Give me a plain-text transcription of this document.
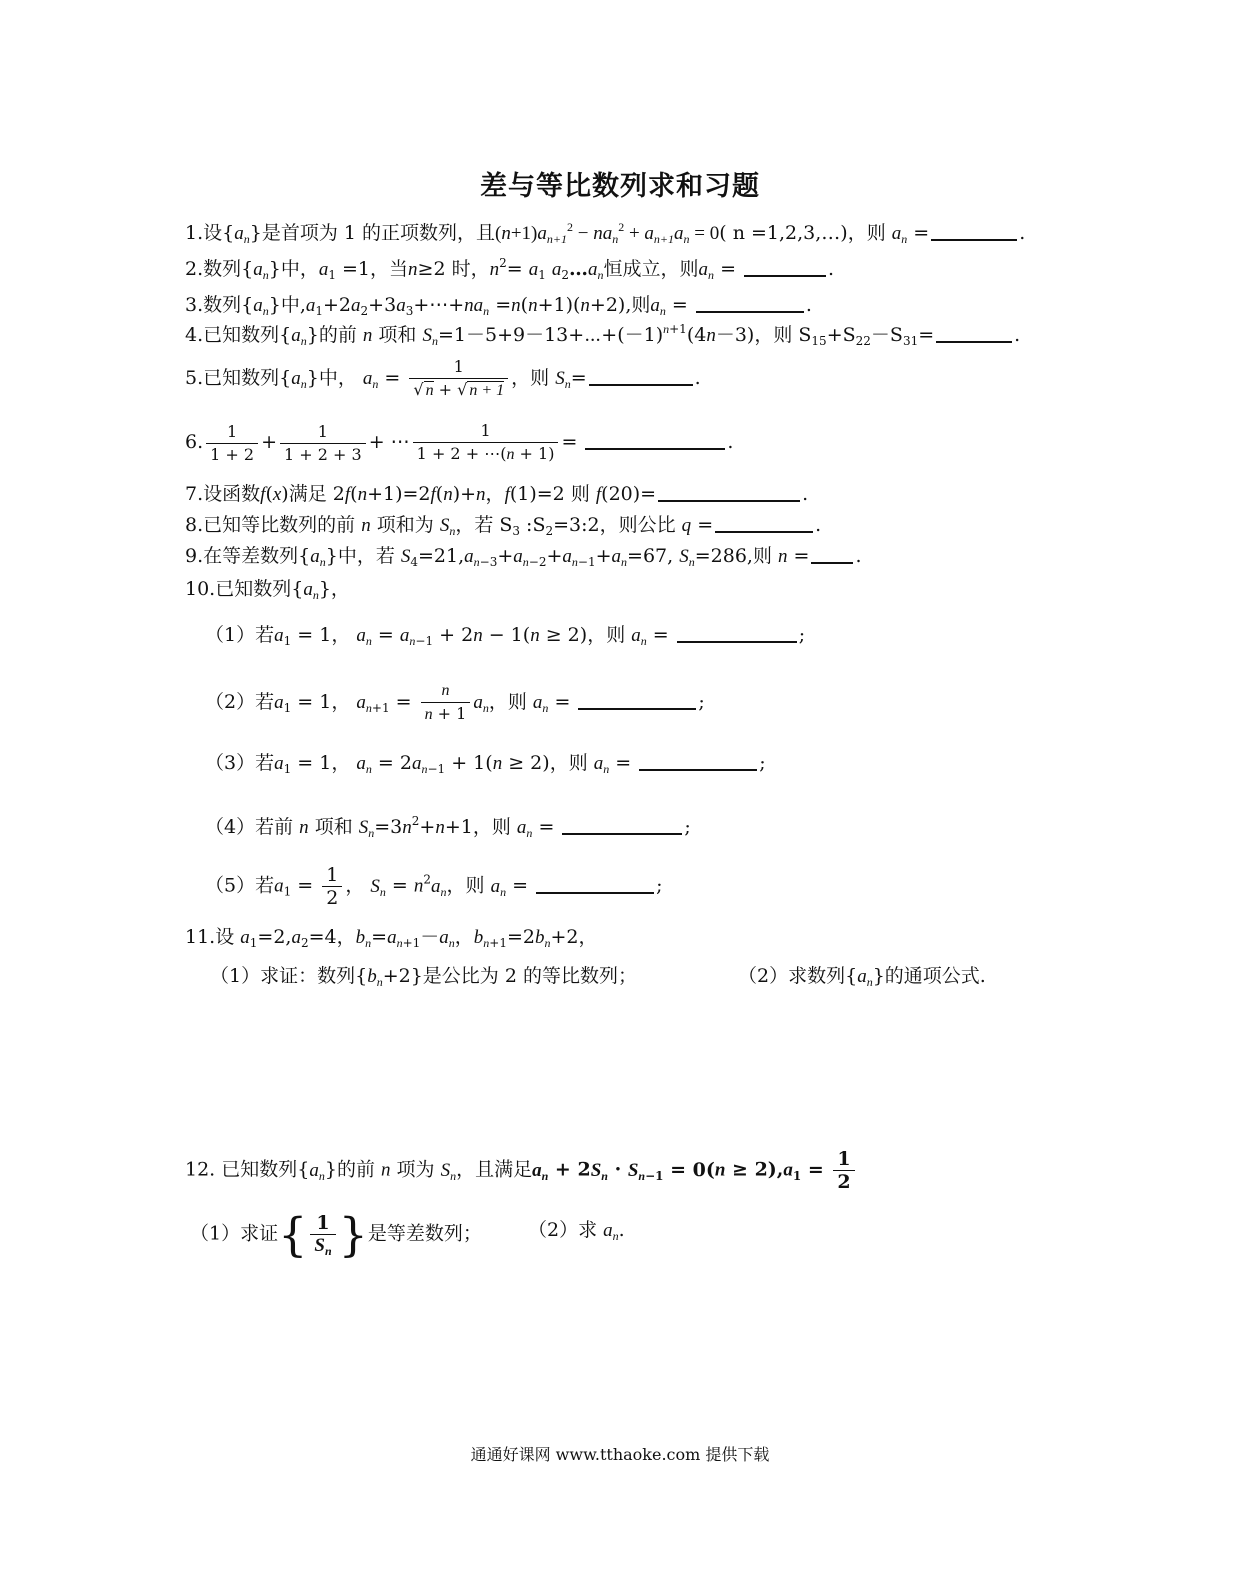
差与等比数列求和习题
1.设$\{a_n\}$是首项为 1 的正项数列，且$(n+1)a_{n+1}^2 - na_n^2 + a_{n+1}a_n = 0$( n =1,2,3,…)，则 $a_n$ =	.
2.数列$\{a_n\}$中，$a_1 =1$，当n≥2 时，$n^2= a_1$ $a_2\dots a_n$恒成立，则$a_n$ =	.
3.数列$\{a_n\}$中$,a_1+2a_2+3a_3+\cdots+na_n =n(n+1)(n+2)$,则$a_n$ =	.
4.已知数列$\{a_n\}$的前 n 项和 $S_n=1-5+9-13+\cdots+(-1)^{n+1}(4n-3)$，则 $S_{15}+S_{22}-S_{31}=$	.
5.已知数列$\{a_n\}$中， $a_n = \frac{1}{√ n + √ n + 1}$ ，则 $S_n=$	.
6. $\frac{1}{1 + 2} + \frac{1}{1 + 2 + 3}$ + ⋯ $\frac{1}{1 + 2 + \cdots(n + 1)}$ =	.
7.设函数f(x)满足 2f(n+1)=2f(n)+n，f(1)=2 则 f(20)=	.
8.已知等比数列的前 n 项和为 $S_n$，若 $S_3$ $:S_2=3:2$，则公比 q =	.
9.在等差数列$\{a_n\}$中，若 $S_4=21,a_{n-3}+a_{n-2}+a_{n-1}+a_n=67$, $S_n=286$,则 n = .
10.已知数列$\{a_n\}$，
（1）若$a_1 = 1$， $a_n = a_{n-1} + 2n - 1(n \ge 2)$，则 $a_n$ =	;
（2）若$a_1 = 1$， $a_{n+1} = \frac{n}{n + 1} a_n$，则 $a_n$ =	;
（3）若$a_1 = 1$， $a_n = 2a_{n-1} + 1(n \ge 2)$，则 $a_n$ =	;
（4）若前 n 项和 $S_n=3n^2+n+1$，则 $a_n$ =	;
（5）若$a_1 = \frac{1}{2}$ ， $S_n = n^2a_n$，则 $a_n$ =	;
11.设 $a_1=2,a_2=4$，$b_n=a_{n+1}-a_n$，$b_{n+1}=2b_n+2$，
（1）求证：数列$\{b_n+2\}$是公比为 2 的等比数列；	（2）求数列$\{a_n\}$的通项公式.
12. 已知数列$\{a_n\}$的前 n 项为 $S_n$，且满足$a_n + 2S_n \cdot S_{n-1} = 0(n \ge 2),a_1 = \frac{1}{2}$
（1）求证{ $\frac{1}{S_n}$ }是等差数列； （2）求 $a_n$.
通通好课网 www.tthaoke.com 提供下载
